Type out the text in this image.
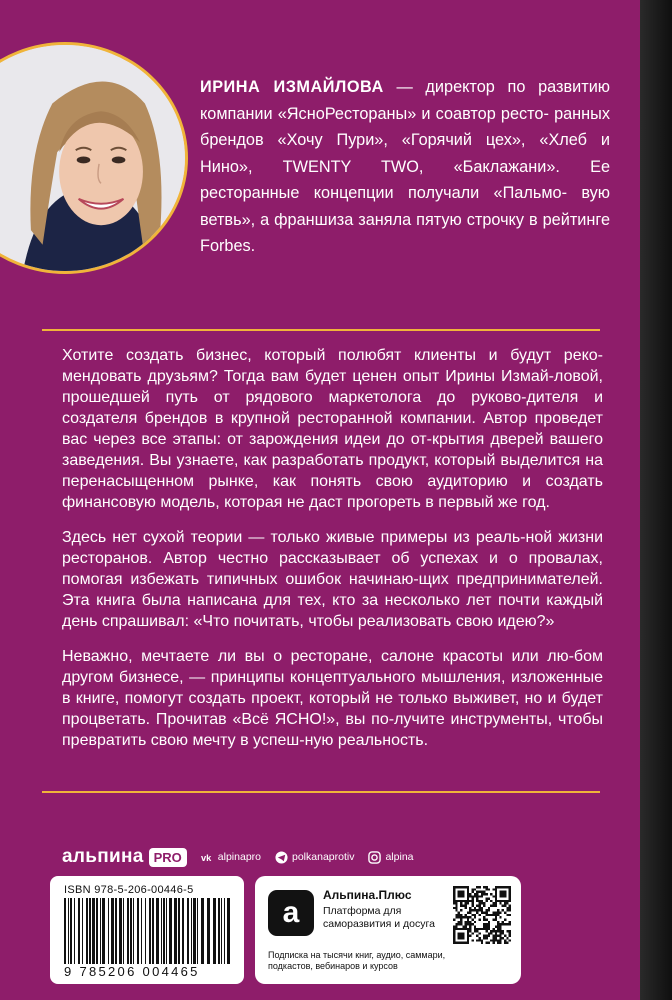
ИРИНА ИЗМАЙЛОВА — директор по развитию компании «ЯсноРестораны» и соавтор ресто- ранных брендов «Хочу Пури», «Горячий цех», «Хлеб и Нино», TWENTY TWO, «Баклажани». Ее ресторанные концепции получали «Пальмо- вую ветвь», а франшиза заняла пятую строчку в рейтинге Forbes.

Хотите создать бизнес, который полюбят клиенты и будут реко-мендовать друзьям? Тогда вам будет ценен опыт Ирины Измай-ловой, прошедшей путь от рядового маркетолога до руково-дителя и создателя брендов в крупной ресторанной компании. Автор проведет вас через все этапы: от зарождения идеи до от-крытия дверей вашего заведения. Вы узнаете, как разработать продукт, который выделится на перенасыщенном рынке, как понять свою аудиторию и создать финансовую модель, которая не даст прогореть в первый же год.

Здесь нет сухой теории — только живые примеры из реаль-ной жизни ресторанов. Автор честно рассказывает об успехах и о провалах, помогая избежать типичных ошибок начинаю-щих предпринимателей. Эта книга была написана для тех, кто за несколько лет почти каждый день спрашивал: «Что почитать, чтобы реализовать свою идею?»

Неважно, мечтаете ли вы о ресторане, салоне красоты или лю-бом другом бизнесе, — принципы концептуального мышления, изложенные в книге, помогут создать проект, который не только выживет, но и будет процветать. Прочитав «Всё ЯСНО!», вы по-лучите инструменты, чтобы превратить свою мечту в успеш-ную реальность.

альпина PRO	vk alpinapro	polkanaprotiv	alpina
ISBN 978-5-206-00446-5
9 785206 004465
a
Альпина.Плюс
Платформа для саморазвития и досуга
Подписка на тысячи книг, аудио, саммари, подкастов, вебинаров и курсов
